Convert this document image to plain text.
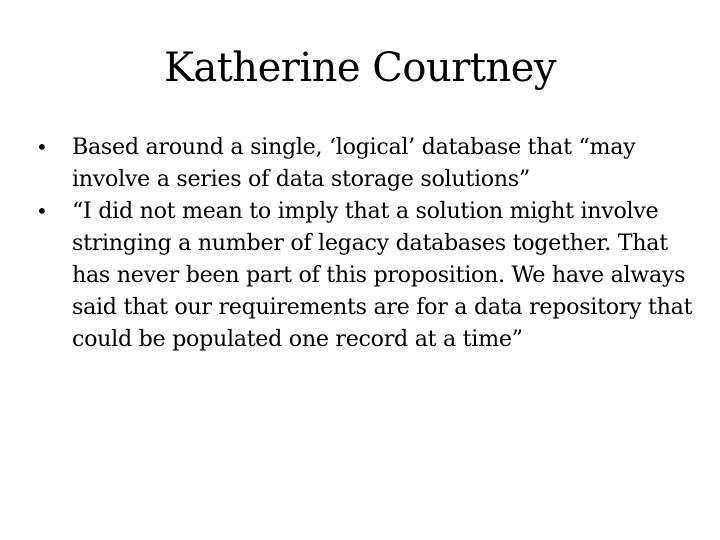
Katherine Courtney
•	Based around a single, ‘logical’ database that “may involve a series of data storage solutions”
•	“I did not mean to imply that a solution might involve stringing a number of legacy databases together. That has never been part of this proposition. We have always said that our requirements are for a data repository that could be populated one record at a time”
